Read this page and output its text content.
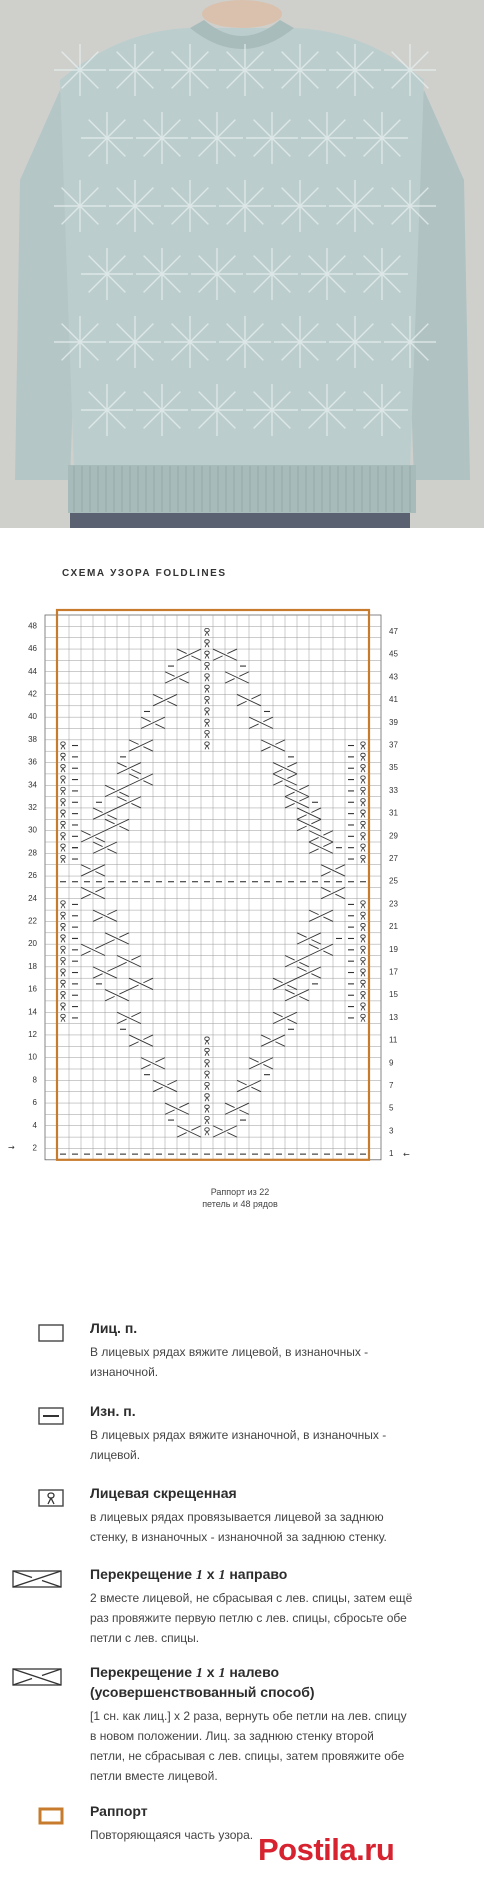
СХЕМА УЗОРА FOLDLINES
48
46
44
42
40
38
36
34
32
30
28
26
24
22
20
18
16
14
12
10
8
6
4
2
47
45
43
41
39
37
35
33
31
29
27
25
23
21
19
17
15
13
11
9
7
5
3
1
→
←
Раппорт из 22
петель и 48 рядов
Лиц. п.
В лицевых рядах вяжите лицевой, в изнаночных -
изнаночной.
Изн. п.
В лицевых рядах вяжите изнаночной, в изнаночных -
лицевой.
Лицевая скрещенная
в лицевых рядах провязывается лицевой за заднюю
стенку, в изнаночных - изнаночной за заднюю стенку.
Перекрещение 1 х 1 направо
2 вместе лицевой, не сбрасывая с лев. спицы, затем ещё
раз провяжите первую петлю с лев. спицы, сбросьте обе
петли с лев. спицы.
Перекрещение 1 х 1 налево
(усовершенствованный способ)
[1 сн. как лиц.] х 2 раза, вернуть обе петли на лев. спицу
в новом положении. Лиц. за заднюю стенку второй
петли, не сбрасывая с лев. спицы, затем провяжите обе
петли вместе лицевой.
Раппорт
Повторяющаяся часть узора. Postila.ru
